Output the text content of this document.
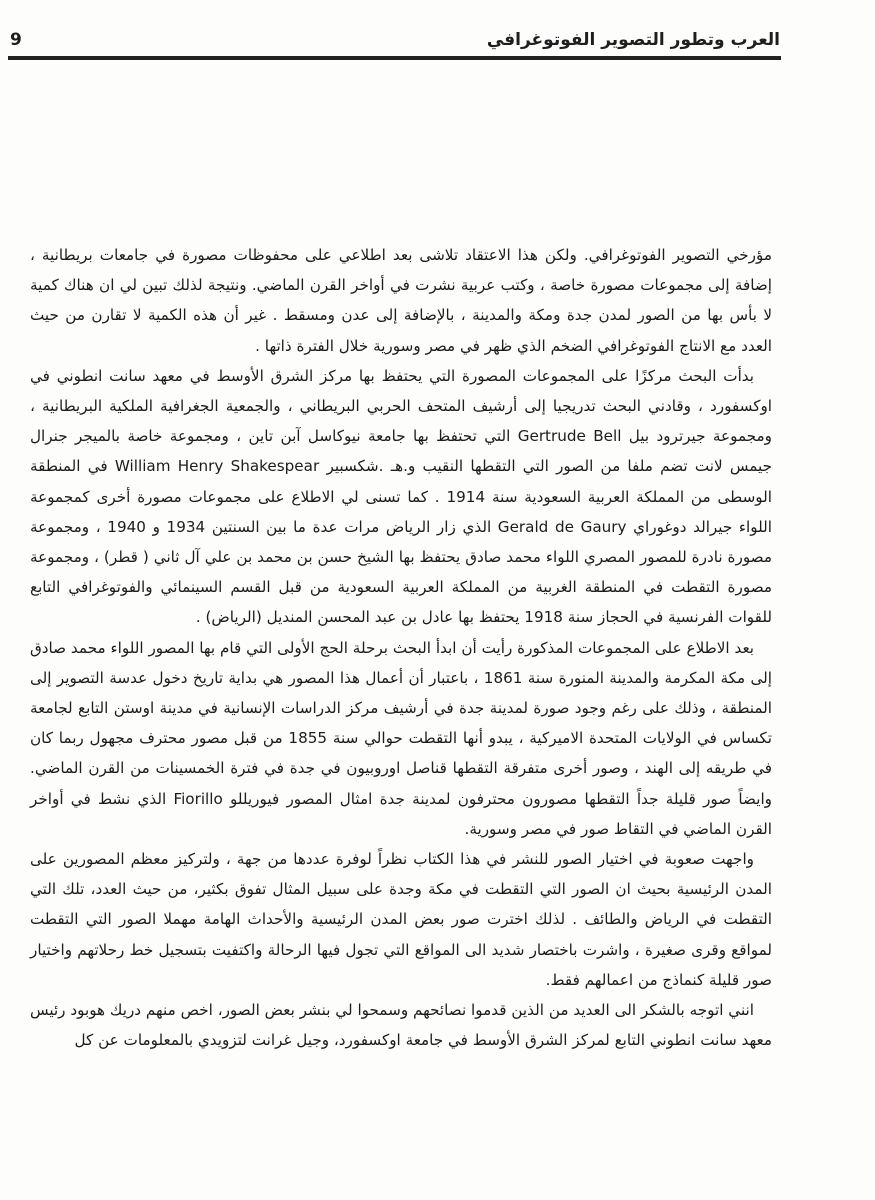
9	العرب وتطور التصوير الفوتوغرافي

مؤرخي التصوير الفوتوغرافي. ولكن هذا الاعتقاد تلاشى بعد اطلاعي على محفوظات مصورة في جامعات بريطانية ، إضافة إلى مجموعات مصورة خاصة ، وكتب عربية نشرت في أواخر القرن الماضي. ونتيجة لذلك تبين لي ان هناك كمية لا بأس بها من الصور لمدن جدة ومكة والمدينة ، بالإضافة إلى عدن ومسقط . غير أن هذه الكمية لا تقارن من حيث العدد مع الانتاج الفوتوغرافي الضخم الذي ظهر في مصر وسورية خلال الفترة ذاتها .

بدأت البحث مركزًا على المجموعات المصورة التي يحتفظ بها مركز الشرق الأوسط في معهد سانت انطوني في اوكسفورد ، وقادني البحث تدريجيا إلى أرشيف المتحف الحربي البريطاني ، والجمعية الجغرافية الملكية البريطانية ، ومجموعة جيرترود بيل Gertrude Bell التي تحتفظ بها جامعة نيوكاسل آبن تاين ، ومجموعة خاصة بالميجر جنرال جيمس لانت تضم ملفا من الصور التي التقطها النقيب و.هـ .شكسبير William Henry Shakespear في المنطقة الوسطى من المملكة العربية السعودية سنة 1914 . كما تسنى لي الاطلاع على مجموعات مصورة أخرى كمجموعة اللواء جيرالد دوغوراي Gerald de Gaury الذي زار الرياض مرات عدة ما بين السنتين 1934 و 1940 ، ومجموعة مصورة نادرة للمصور المصري اللواء محمد صادق يحتفظ بها الشيخ حسن بن محمد بن علي آل ثاني ( قطر) ، ومجموعة مصورة التقطت في المنطقة الغربية من المملكة العربية السعودية من قبل القسم السينمائي والفوتوغرافي التابع للقوات الفرنسية في الحجاز سنة 1918 يحتفظ بها عادل بن عبد المحسن المنديل (الرياض) .

بعد الاطلاع على المجموعات المذكورة رأيت أن ابدأ البحث برحلة الحج الأولى التي قام بها المصور اللواء محمد صادق إلى مكة المكرمة والمدينة المنورة سنة 1861 ، باعتبار أن أعمال هذا المصور هي بداية تاريخ دخول عدسة التصوير إلى المنطقة ، وذلك على رغم وجود صورة لمدينة جدة في أرشيف مركز الدراسات الإنسانية في مدينة اوستن التابع لجامعة تكساس في الولايات المتحدة الاميركية ، يبدو أنها التقطت حوالي سنة 1855 من قبل مصور محترف مجهول ربما كان في طريقه إلى الهند ، وصور أخرى متفرقة التقطها قناصل اوروبيون في جدة في فترة الخمسينات من القرن الماضي. وايضاً صور قليلة جداً التقطها مصورون محترفون لمدينة جدة امثال المصور فيوريللو Fiorillo الذي نشط في أواخر القرن الماضي في التقاط صور في مصر وسورية.

واجهت صعوبة في اختيار الصور للنشر في هذا الكتاب نظراً لوفرة عددها من جهة ، ولتركيز معظم المصورين على المدن الرئيسية بحيث ان الصور التي التقطت في مكة وجدة على سبيل المثال تفوق بكثير، من حيث العدد، تلك التي التقطت في الرياض والطائف . لذلك اخترت صور بعض المدن الرئيسية والأحداث الهامة مهملا الصور التي التقطت لمواقع وقرى صغيرة ، واشرت باختصار شديد الى المواقع التي تجول فيها الرحالة واكتفيت بتسجيل خط رحلاتهم واختيار صور قليلة كنماذج من اعمالهم فقط.

انني اتوجه بالشكر الى العديد من الذين قدموا نصائحهم وسمحوا لي بنشر بعض الصور، اخص منهم دريك هوبود رئيس معهد سانت انطوني التابع لمركز الشرق الأوسط في جامعة اوكسفورد، وجيل غرانت لتزويدي بالمعلومات عن كل
